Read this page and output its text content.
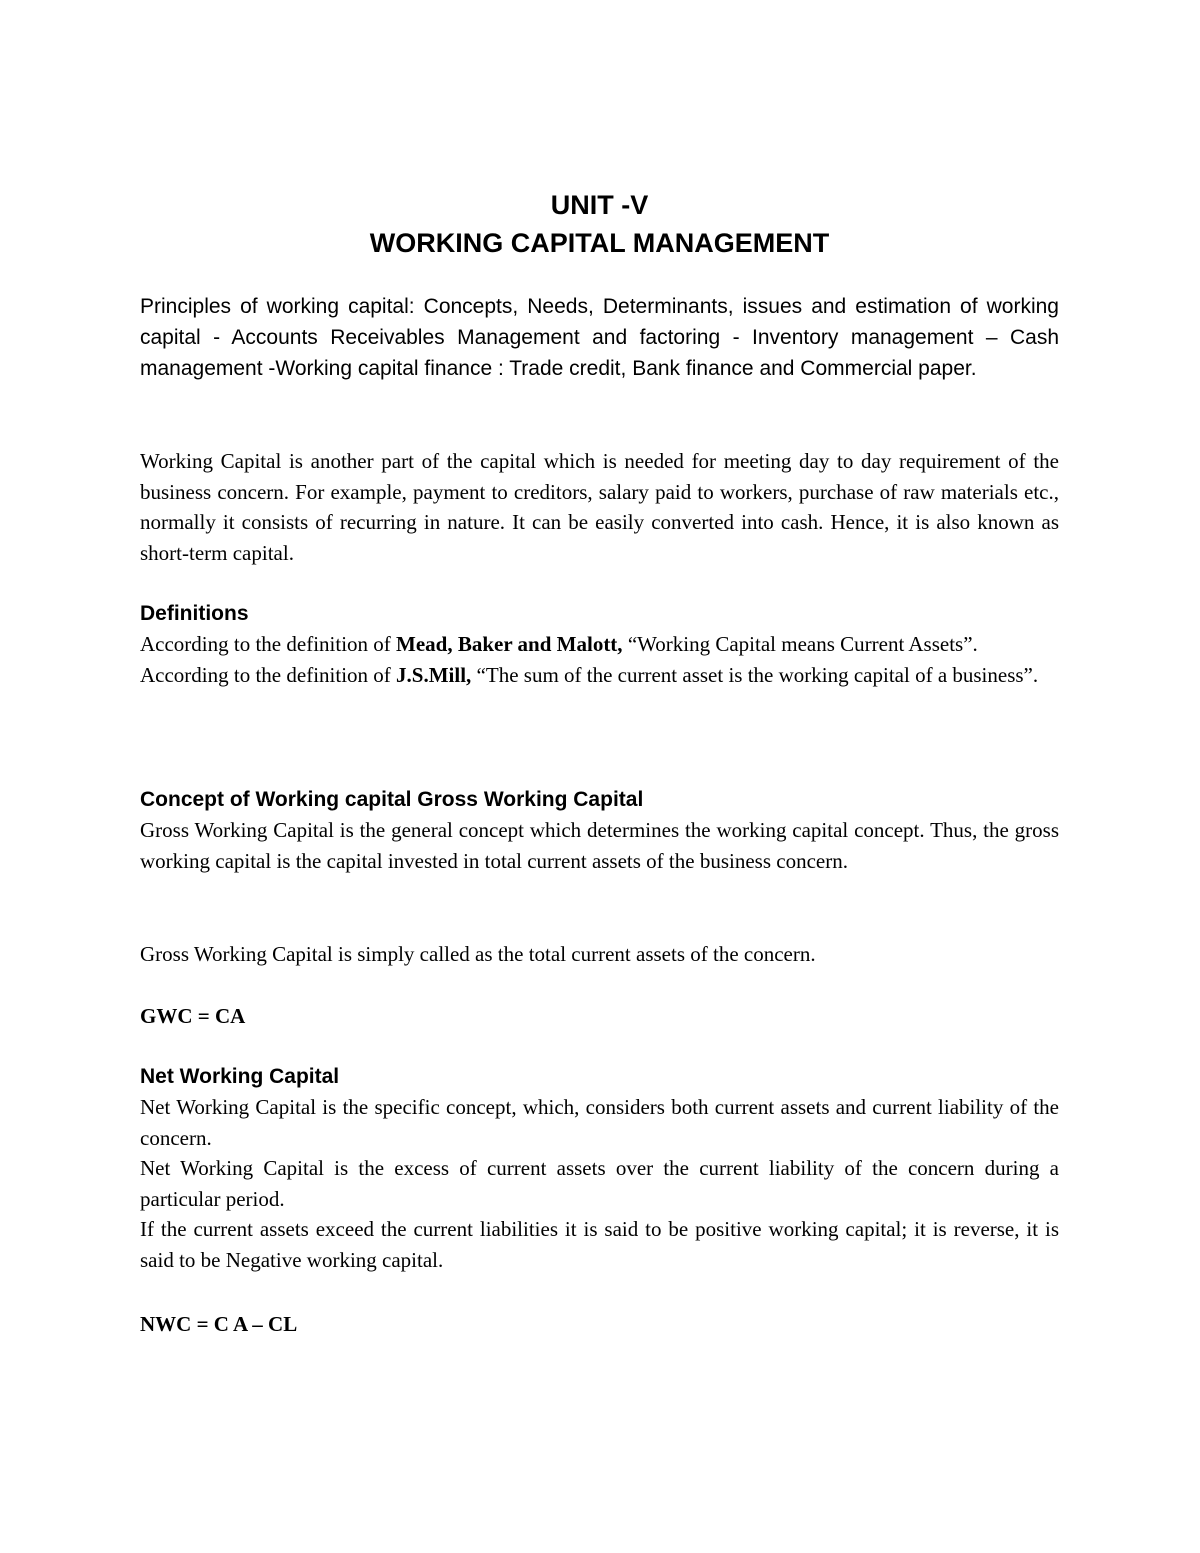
UNIT -V
WORKING CAPITAL MANAGEMENT

Principles of working capital: Concepts, Needs, Determinants, issues and estimation of working capital - Accounts Receivables Management and factoring - Inventory management – Cash management -Working capital finance : Trade credit, Bank finance and Commercial paper.

Working Capital is another part of the capital which is needed for meeting day to day requirement of the business concern. For example, payment to creditors, salary paid to workers, purchase of raw materials etc., normally it consists of recurring in nature. It can be easily converted into cash. Hence, it is also known as short-term capital.

Definitions

According to the definition of Mead, Baker and Malott, “Working Capital means Current Assets”.

According to the definition of J.S.Mill, “The sum of the current asset is the working capital of a business”.

Concept of Working capital Gross Working Capital

Gross Working Capital is the general concept which determines the working capital concept. Thus, the gross working capital is the capital invested in total current assets of the business concern.

Gross Working Capital is simply called as the total current assets of the concern.

GWC = CA

Net Working Capital

Net Working Capital is the specific concept, which, considers both current assets and current liability of the concern.

Net Working Capital is the excess of current assets over the current liability of the concern during a particular period.

If the current assets exceed the current liabilities it is said to be positive working capital; it is reverse, it is said to be Negative working capital.

NWC = C A – CL
